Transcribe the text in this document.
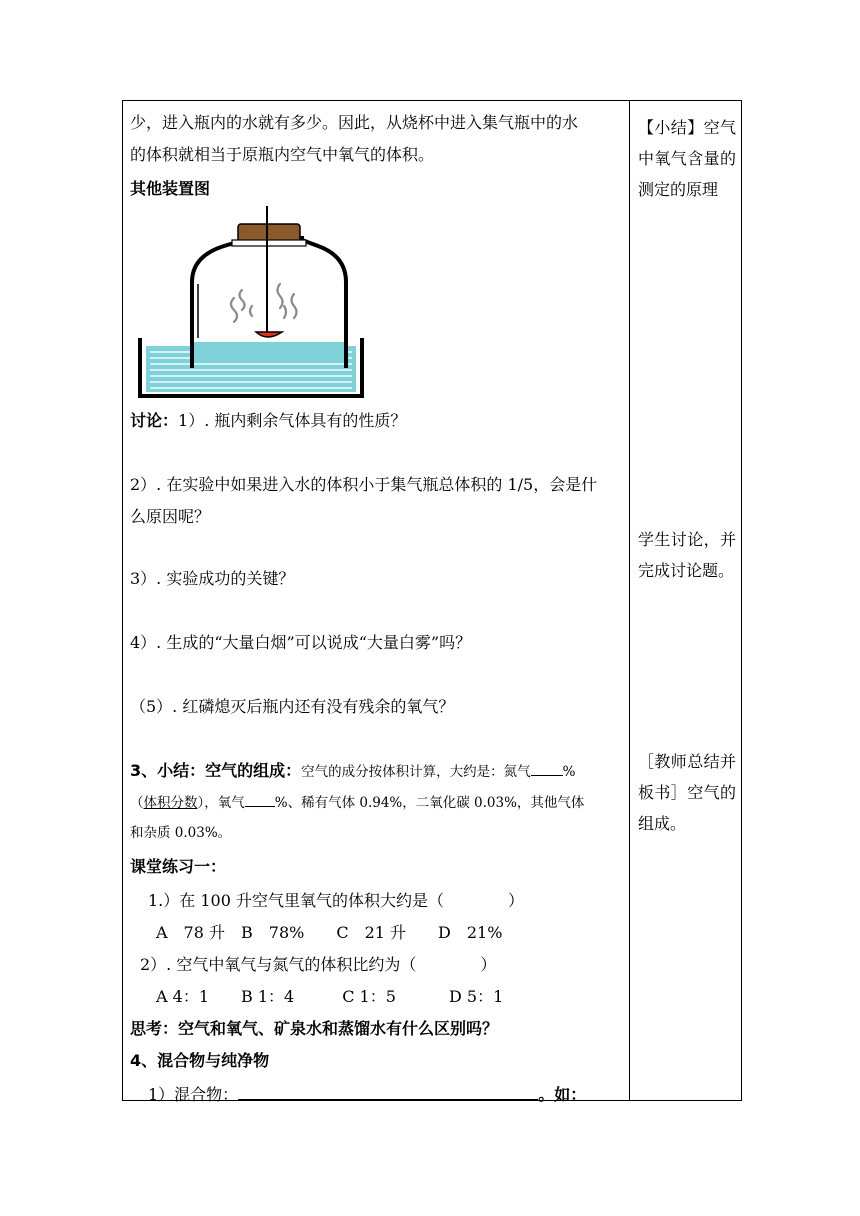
少，进入瓶内的水就有多少。因此，从烧杯中进入集气瓶中的水
的体积就相当于原瓶内空气中氧气的体积。
其他装置图
讨论：1）. 瓶内剩余气体具有的性质？
2）. 在实验中如果进入水的体积小于集气瓶总体积的 1/5，会是什
么原因呢？
3）. 实验成功的关键？
4）. 生成的“大量白烟”可以说成“大量白雾”吗？
（5）. 红磷熄灭后瓶内还有没有残余的氧气？
3、小结：空气的组成：空气的成分按体积计算，大约是：氮气 %
（体积分数），氧气 %、稀有气体 0.94%，二氧化碳 0.03%，其他气体
和杂质 0.03%。
课堂练习一：
1.）在 100 升空气里氧气的体积大约是（　　　　）
A　78 升　B　78%　　C　21 升　　D　21%
2）. 空气中氧气与氮气的体积比约为（　　　　）
A 4：1　　B 1：4　　　C 1：5　　　 D 5：1
思考：空气和氧气、矿泉水和蒸馏水有什么区别吗？
4、混合物与纯净物
1）混合物：	。如：
【小结】空气中氧气含量的测定的原理
学生讨论，并完成讨论题。
［教师总结并板书］空气的组成。
